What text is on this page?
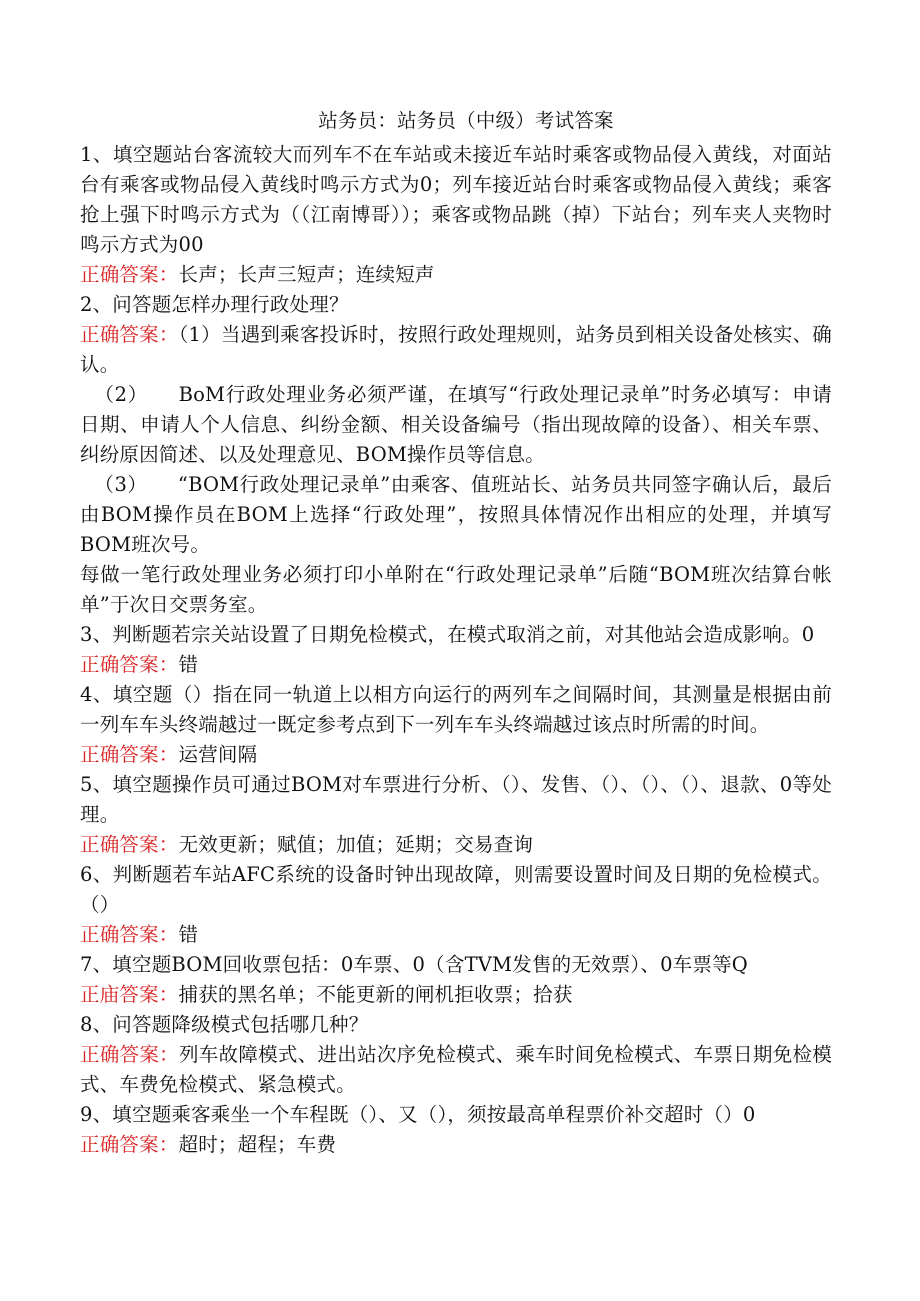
站务员：站务员（中级）考试答案

1、填空题站台客流较大而列车不在车站或未接近车站时乘客或物品侵入黄线，对面站台有乘客或物品侵入黄线时鸣示方式为0；列车接近站台时乘客或物品侵入黄线；乘客抢上强下时鸣示方式为（（江南博哥））；乘客或物品跳（掉）下站台；列车夹人夹物时鸣示方式为00

正确答案：长声；长声三短声；连续短声

2、问答题怎样办理行政处理？

正确答案：（1）当遇到乘客投诉时，按照行政处理规则，站务员到相关设备处核实、确认。

（2）　　BoM行政处理业务必须严谨，在填写“行政处理记录单”时务必填写：申请日期、申请人个人信息、纠纷金额、相关设备编号（指出现故障的设备）、相关车票、纠纷原因简述、以及处理意见、BOM操作员等信息。

（3）　　“BOM行政处理记录单”由乘客、值班站长、站务员共同签字确认后，最后由BOM操作员在BOM上选择“行政处理”，按照具体情况作出相应的处理，并填写BOM班次号。

每做一笔行政处理业务必须打印小单附在“行政处理记录单”后随“BOM班次结算台帐单”于次日交票务室。

3、判断题若宗关站设置了日期免检模式，在模式取消之前，对其他站会造成影响。0

正确答案：错

4、填空题（）指在同一轨道上以相方向运行的两列车之间隔时间，其测量是根据由前一列车车头终端越过一既定参考点到下一列车车头终端越过该点时所需的时间。

正确答案：运营间隔

5、填空题操作员可通过BOM对车票进行分析、（）、发售、（）、（）、（）、退款、0等处理。

正确答案：无效更新；赋值；加值；延期；交易查询

6、判断题若车站AFC系统的设备时钟出现故障，则需要设置时间及日期的免检模式。（）

正确答案：错

7、填空题BOM回收票包括：0车票、0（含TVM发售的无效票）、0车票等Q

正庙答案：捕获的黑名单；不能更新的闸机拒收票；拾获

8、问答题降级模式包括哪几种？

正确答案：列车故障模式、进出站次序免检模式、乘车时间免检模式、车票日期免检模式、车费免检模式、紧急模式。

9、填空题乘客乘坐一个车程既（）、又（），须按最高单程票价补交超时（）0

正确答案：超时；超程；车费
